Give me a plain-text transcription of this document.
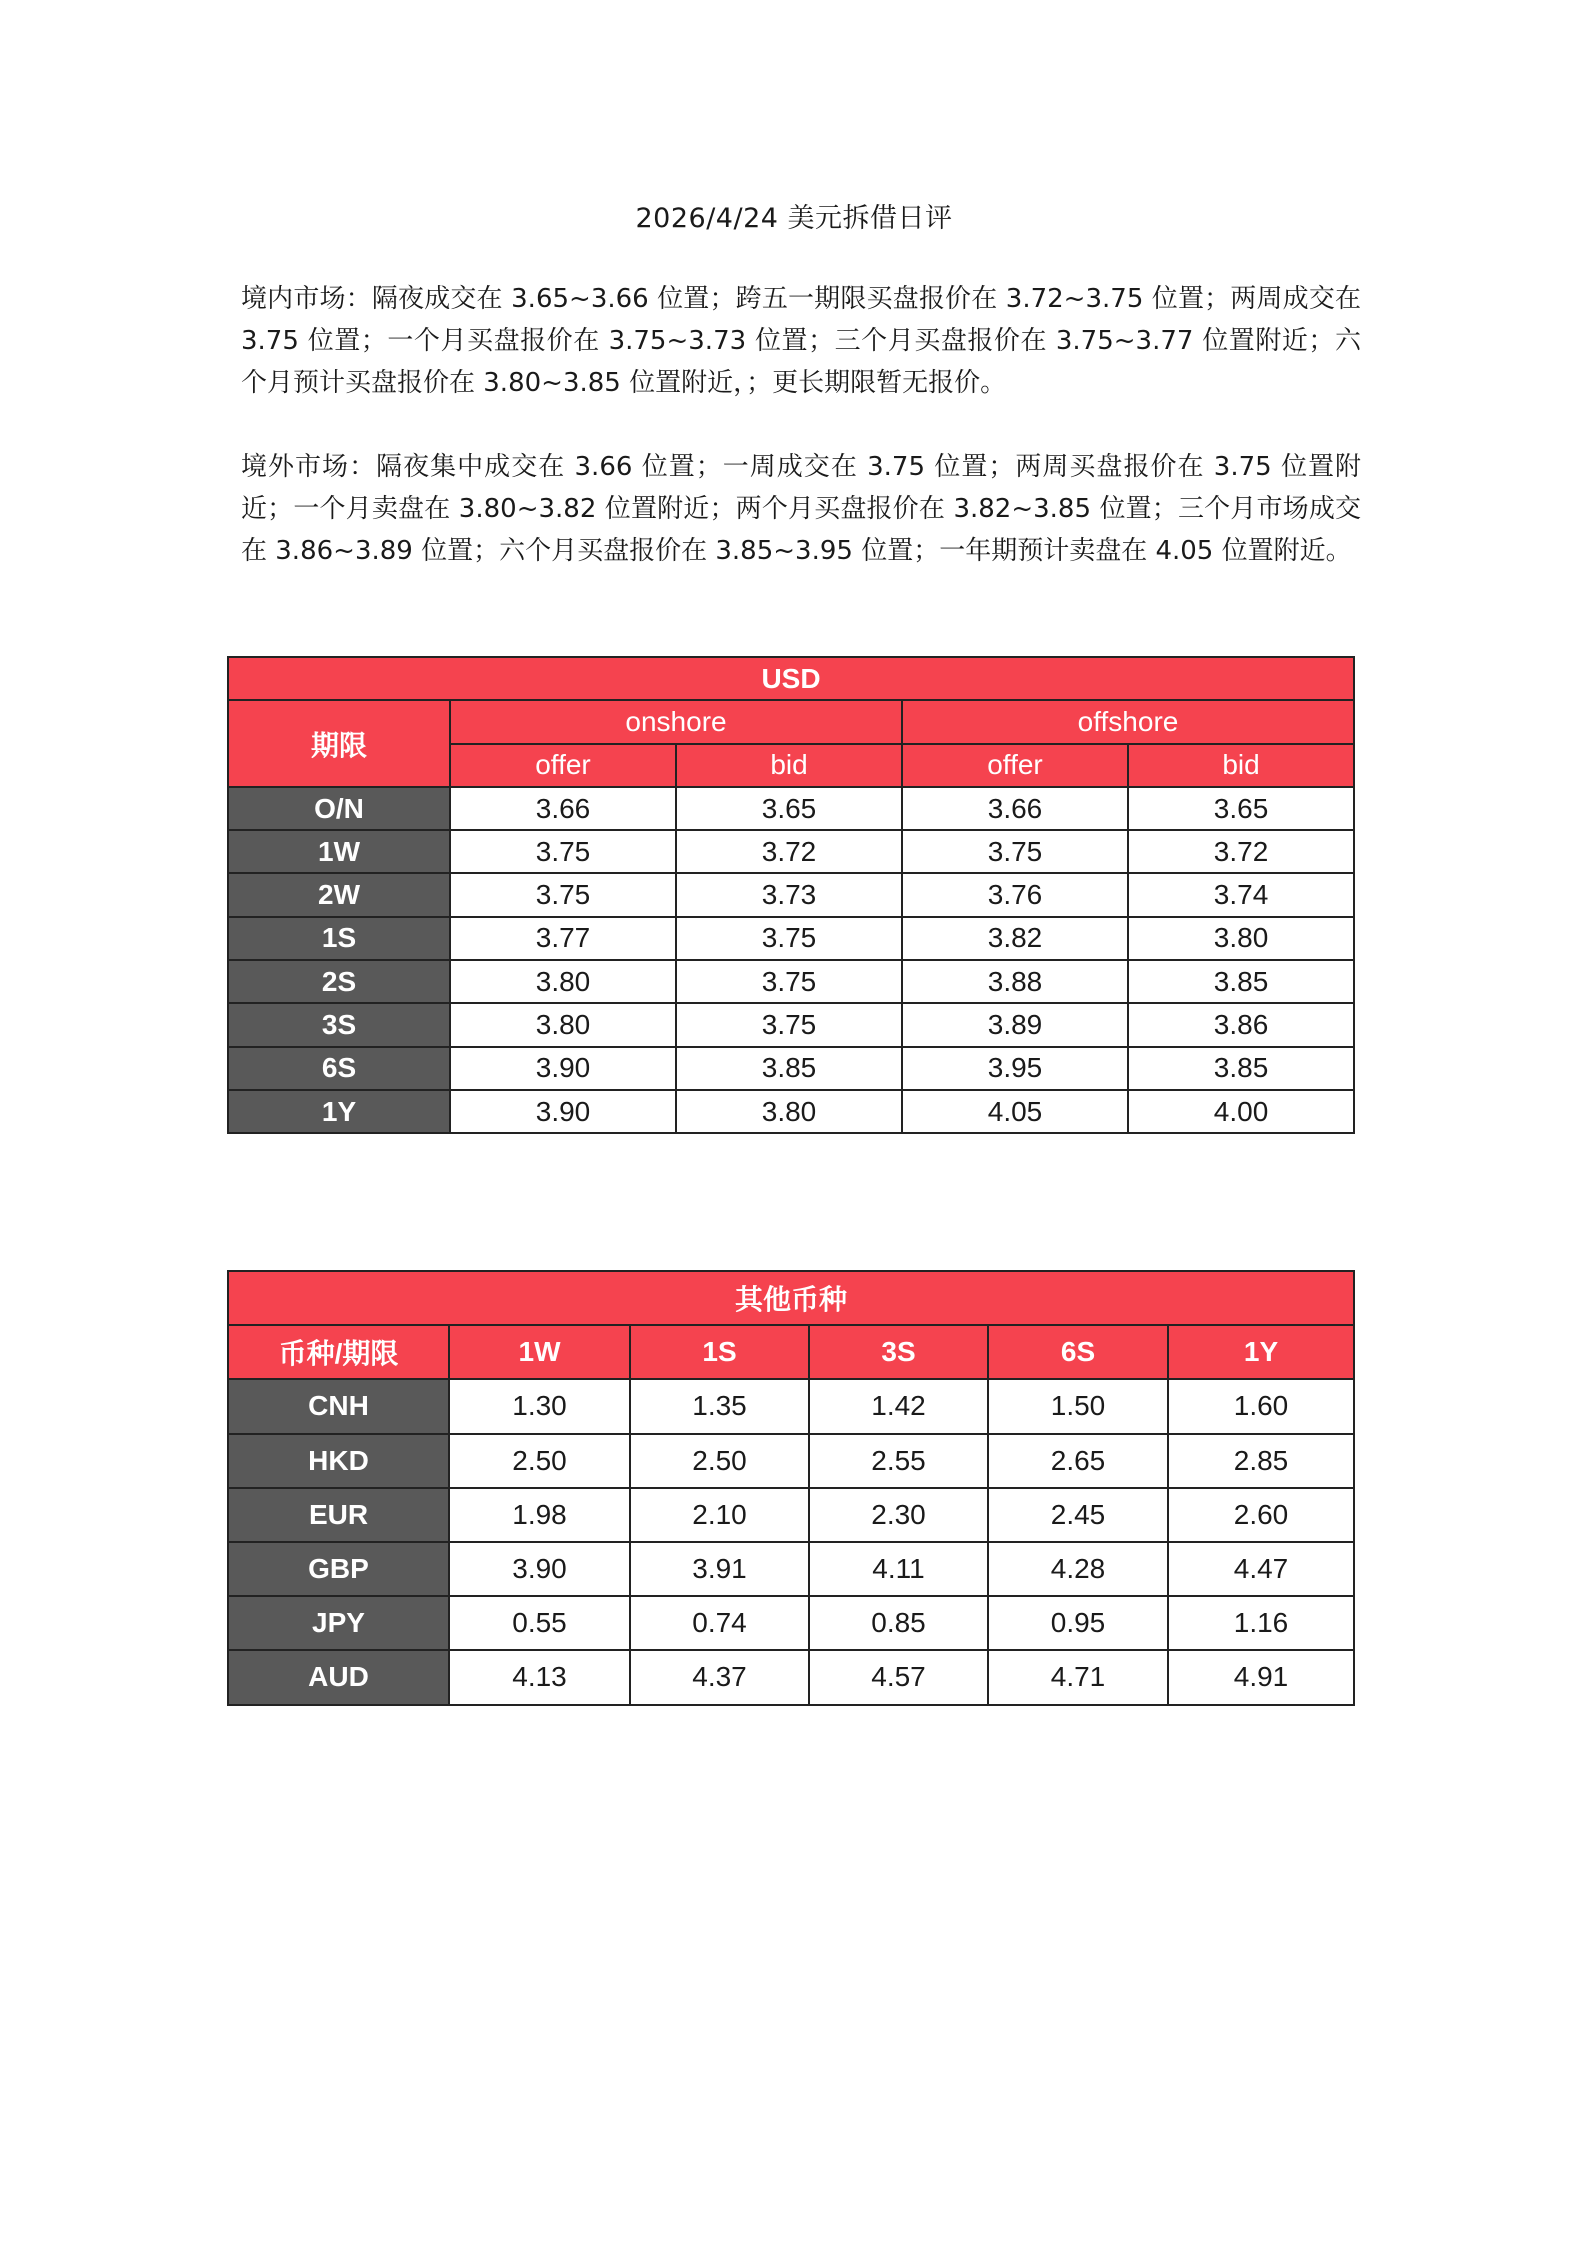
2026/4/24 美元拆借日评

境内市场：隔夜成交在 3.65~3.66 位置；跨五一期限买盘报价在 3.72~3.75 位置；两周成交在 3.75 位置；一个月买盘报价在 3.75~3.73 位置；三个月买盘报价在 3.75~3.77 位置附近；六个月预计买盘报价在 3.80~3.85 位置附近，；更长期限暂无报价。

境外市场：隔夜集中成交在 3.66 位置；一周成交在 3.75 位置；两周买盘报价在 3.75 位置附近；一个月卖盘在 3.80~3.82 位置附近；两个月买盘报价在 3.82~3.85 位置；三个月市场成交在 3.86~3.89 位置；六个月买盘报价在 3.85~3.95 位置；一年期预计卖盘在 4.05 位置附近。

USD				
期限	onshore		offshore	
	offer	bid	offer	bid
O/N	3.66	3.65	3.66	3.65
1W	3.75	3.72	3.75	3.72
2W	3.75	3.73	3.76	3.74
1S	3.77	3.75	3.82	3.80
2S	3.80	3.75	3.88	3.85
3S	3.80	3.75	3.89	3.86
6S	3.90	3.85	3.95	3.85
1Y	3.90	3.80	4.05	4.00
其他币种					
币种/期限	1W	1S	3S	6S	1Y
CNH	1.30	1.35	1.42	1.50	1.60
HKD	2.50	2.50	2.55	2.65	2.85
EUR	1.98	2.10	2.30	2.45	2.60
GBP	3.90	3.91	4.11	4.28	4.47
JPY	0.55	0.74	0.85	0.95	1.16
AUD	4.13	4.37	4.57	4.71	4.91
